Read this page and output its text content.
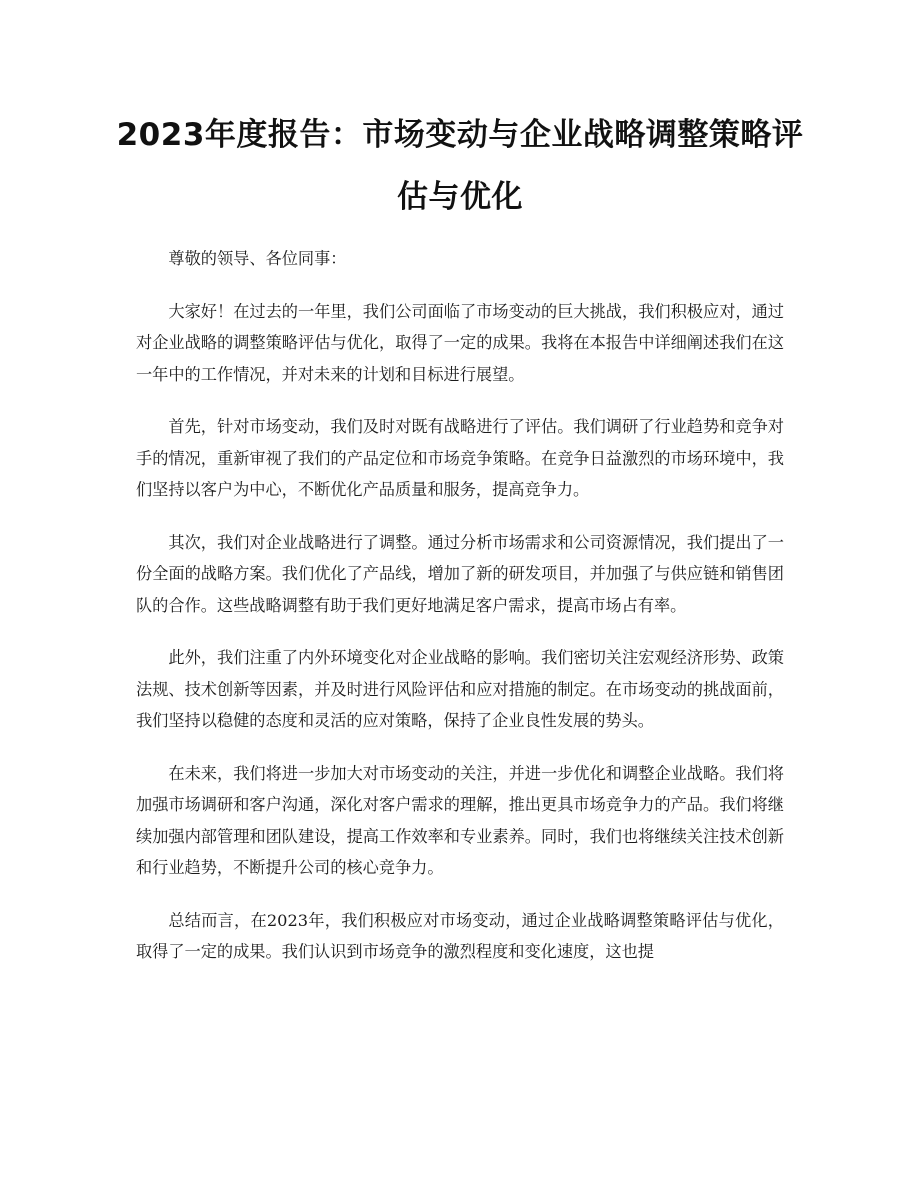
2023年度报告：市场变动与企业战略调整策略评估与优化

尊敬的领导、各位同事：

大家好！在过去的一年里，我们公司面临了市场变动的巨大挑战，我们积极应对，通过对企业战略的调整策略评估与优化，取得了一定的成果。我将在本报告中详细阐述我们在这一年中的工作情况，并对未来的计划和目标进行展望。

首先，针对市场变动，我们及时对既有战略进行了评估。我们调研了行业趋势和竞争对手的情况，重新审视了我们的产品定位和市场竞争策略。在竞争日益激烈的市场环境中，我们坚持以客户为中心，不断优化产品质量和服务，提高竞争力。

其次，我们对企业战略进行了调整。通过分析市场需求和公司资源情况，我们提出了一份全面的战略方案。我们优化了产品线，增加了新的研发项目，并加强了与供应链和销售团队的合作。这些战略调整有助于我们更好地满足客户需求，提高市场占有率。

此外，我们注重了内外环境变化对企业战略的影响。我们密切关注宏观经济形势、政策法规、技术创新等因素，并及时进行风险评估和应对措施的制定。在市场变动的挑战面前，我们坚持以稳健的态度和灵活的应对策略，保持了企业良性发展的势头。

在未来，我们将进一步加大对市场变动的关注，并进一步优化和调整企业战略。我们将加强市场调研和客户沟通，深化对客户需求的理解，推出更具市场竞争力的产品。我们将继续加强内部管理和团队建设，提高工作效率和专业素养。同时，我们也将继续关注技术创新和行业趋势，不断提升公司的核心竞争力。

总结而言，在2023年，我们积极应对市场变动，通过企业战略调整策略评估与优化，取得了一定的成果。我们认识到市场竞争的激烈程度和变化速度，这也提
